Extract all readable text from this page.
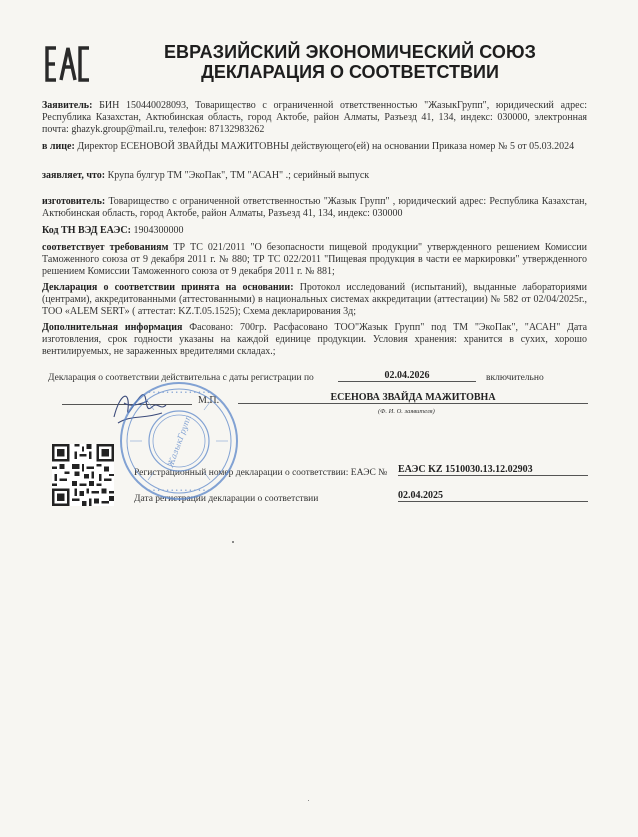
ЕВРАЗИЙСКИЙ ЭКОНОМИЧЕСКИЙ СОЮЗ
ДЕКЛАРАЦИЯ О СООТВЕТСТВИИ
Заявитель: БИН 150440028093, Товарищество с ограниченной ответственностью "ЖазыкГрупп", юридический адрес: Республика Казахстан, Актюбинская область, город Актобе, район Алматы, Разъезд 41, 134, индекс: 030000, электронная почта: ghazyk.group@mail.ru, телефон: 87132983262
в лице: Директор ЕСЕНОВОЙ ЗВАЙДЫ МАЖИТОВНЫ действующего(ей) на основании Приказа номер № 5 от 05.03.2024
заявляет, что: Крупа булгур ТМ "ЭкоПак", ТМ "АСАН" .; серийный выпуск
изготовитель: Товарищество с ограниченной ответственностью "Жазык Групп" , юридический адрес: Республика Казахстан, Актюбинская область, город Актобе, район Алматы, Разъезд 41, 134, индекс: 030000
Код ТН ВЭД ЕАЭС: 1904300000
соответствует требованиям ТР ТС 021/2011 "О безопасности пищевой продукции" утвержденного решением Комиссии Таможенного союза от 9 декабря 2011 г. № 880; ТР ТС 022/2011 "Пищевая продукция в части ее маркировки" утвержденного решением Комиссии Таможенного союза от 9 декабря 2011 г. № 881;
Декларация о соответствии принята на основании: Протокол исследований (испытаний), выданные лабораториями (центрами), аккредитованными (аттестованными) в национальных системах аккредитации (аттестации) № 582 от 02/04/2025г., ТОО «ALEM SERT» ( аттестат: KZ.T.05.1525); Схема декларирования 3д;
Дополнительная информация Фасовано: 700гр. Расфасовано ТОО"Жазык Групп" под ТМ "ЭкоПак", "АСАН" Дата изготовления, срок годности указаны на каждой единице продукции. Условия хранения: хранится в сухих, хорошо вентилируемых, не зараженных вредителями складах.;
Декларация о соответствии действительна с даты регистрации по	02.04.2026	включительно
М.П.	ЕСЕНОВА ЗВАЙДА МАЖИТОВНА
(Ф. И. О. заявителя)
Регистрационный номер декларации о соответствии: ЕАЭС № ЕАЭС KZ 1510030.13.12.02903
Дата регистрации декларации о соответствии	02.04.2025
• • • • • • • • • • • • • •
• • • • • • • • • • • • • •
ЖазыкГрупп
